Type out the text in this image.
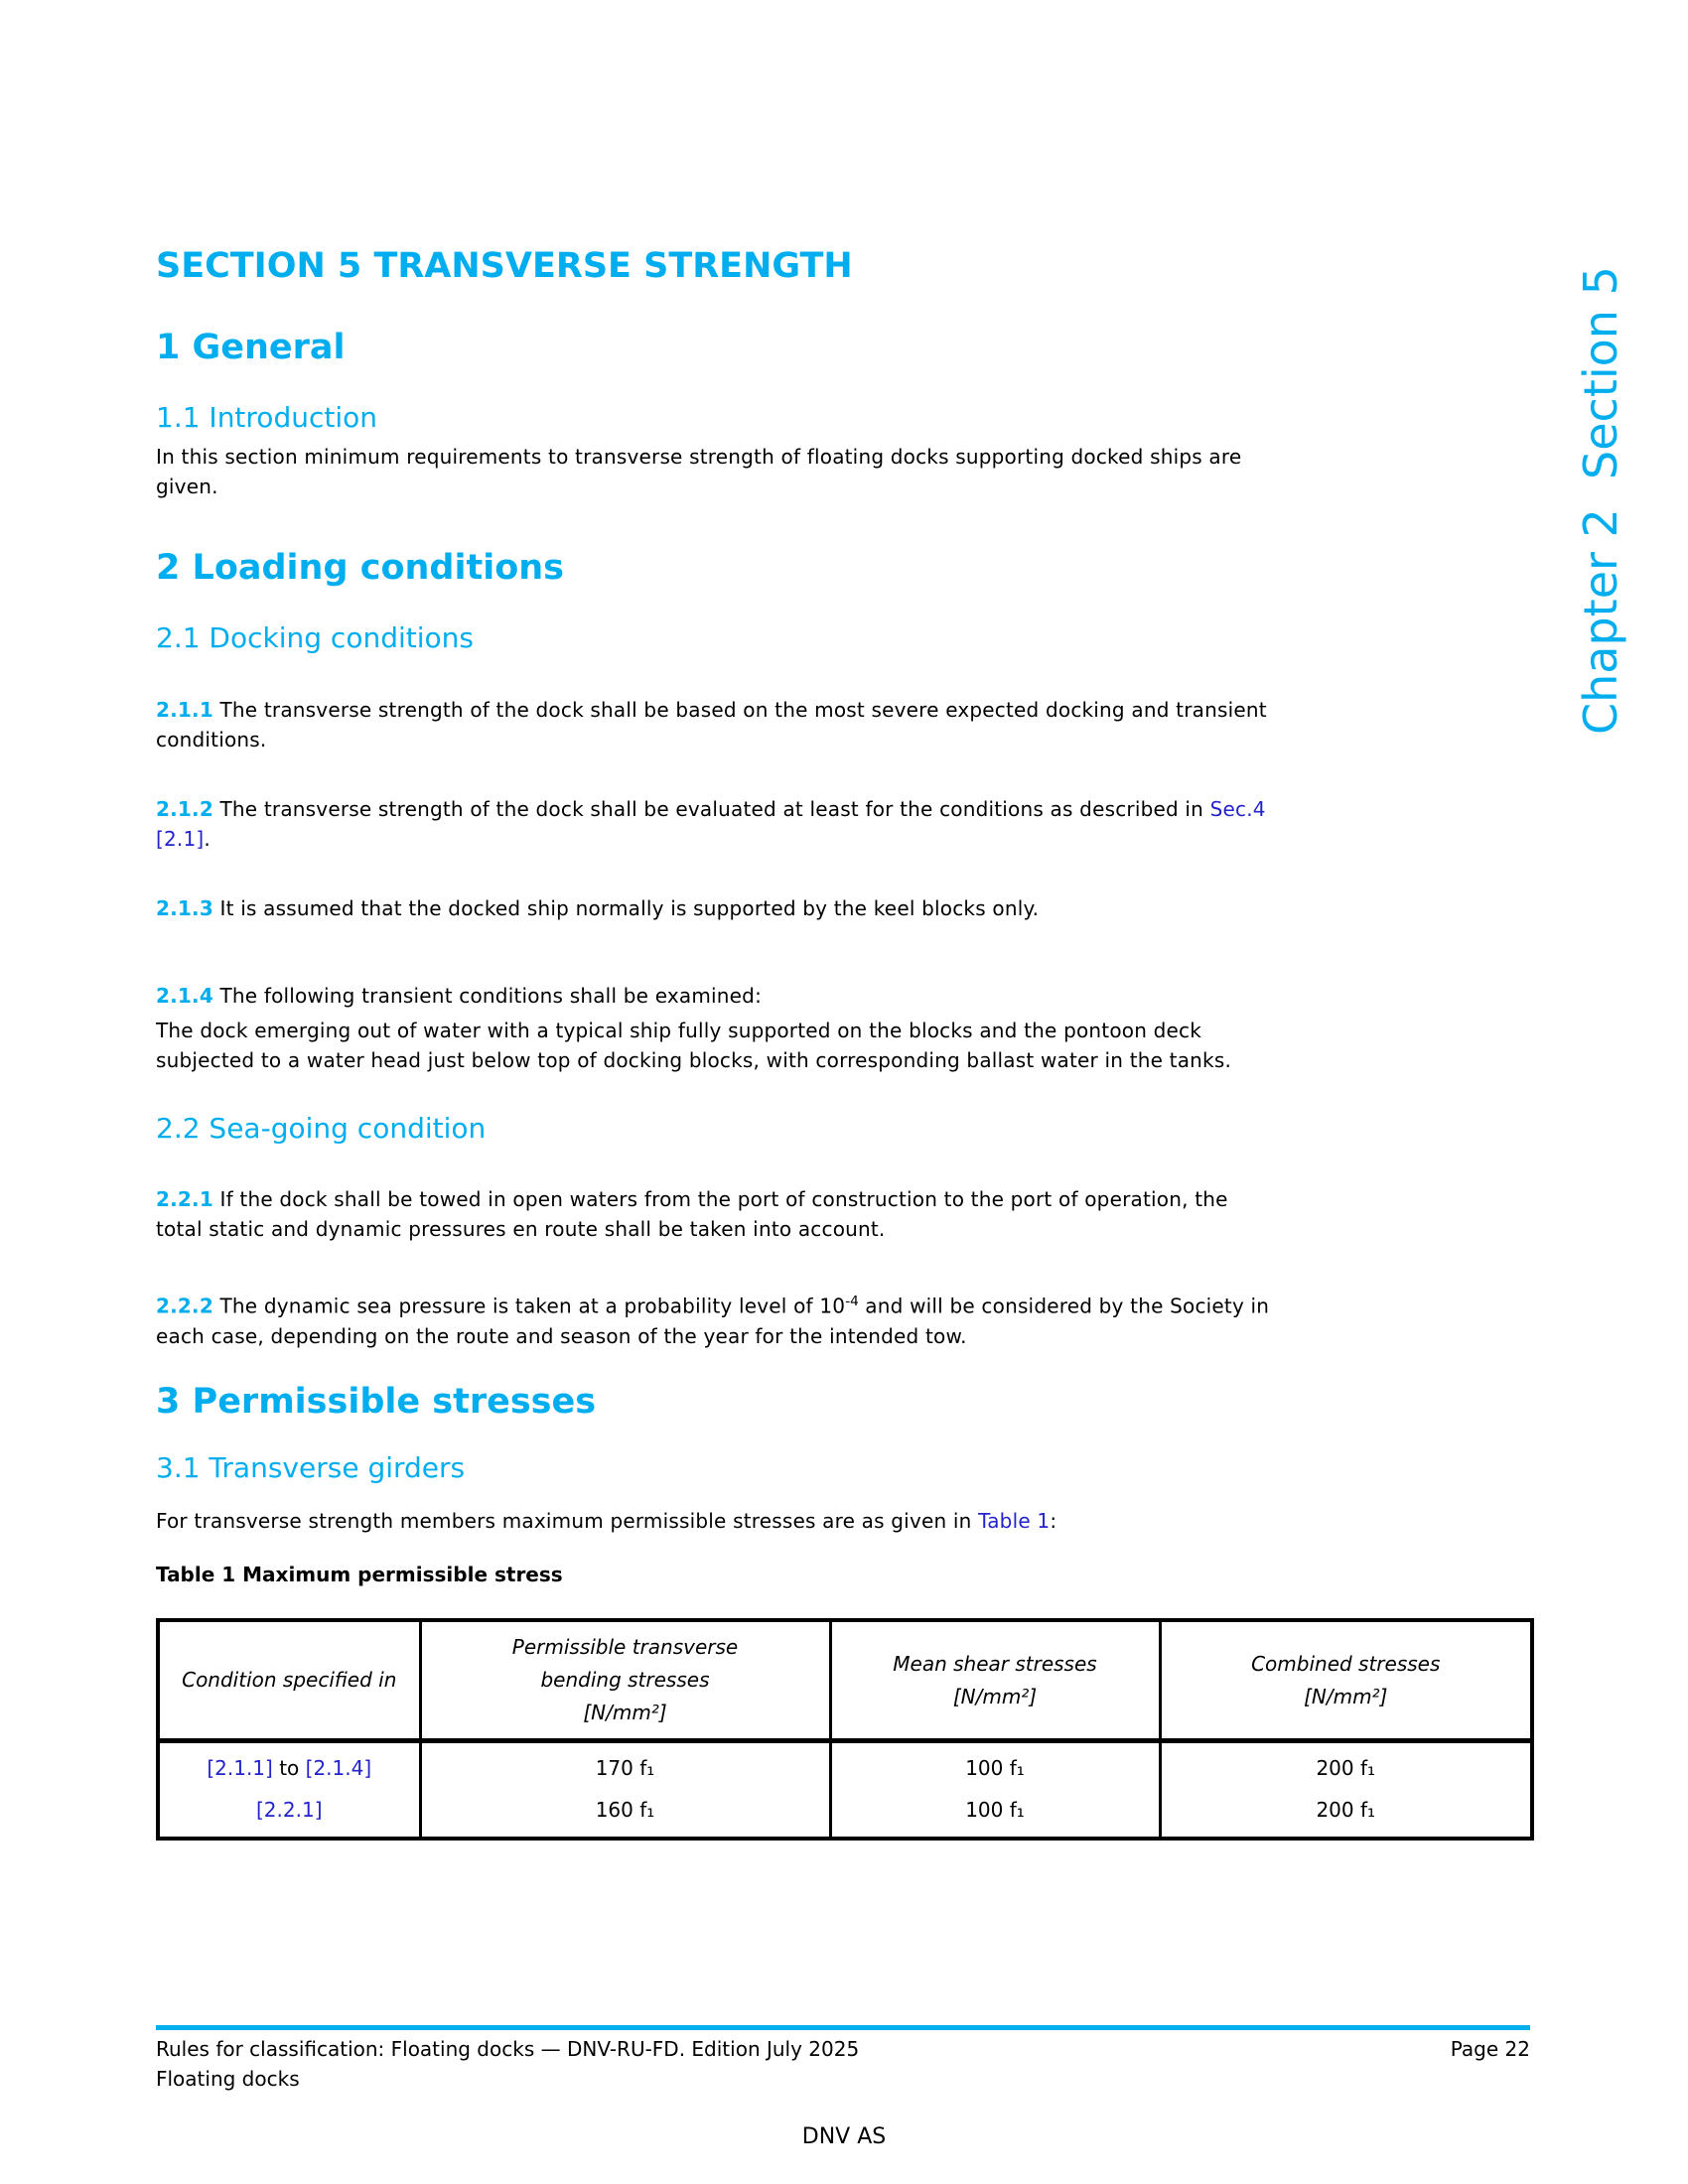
Chapter 2  Section 5
SECTION 5 TRANSVERSE STRENGTH
1 General
1.1 Introduction

In this section minimum requirements to transverse strength of floating docks supporting docked ships are
given.

2 Loading conditions
2.1 Docking conditions

2.1.1 The transverse strength of the dock shall be based on the most severe expected docking and transient
conditions.

2.1.2 The transverse strength of the dock shall be evaluated at least for the conditions as described in Sec.4
[2.1].

2.1.3 It is assumed that the docked ship normally is supported by the keel blocks only.

2.1.4 The following transient conditions shall be examined:

The dock emerging out of water with a typical ship fully supported on the blocks and the pontoon deck
subjected to a water head just below top of docking blocks, with corresponding ballast water in the tanks.

2.2 Sea-going condition

2.2.1 If the dock shall be towed in open waters from the port of construction to the port of operation, the
total static and dynamic pressures en route shall be taken into account.

2.2.2 The dynamic sea pressure is taken at a probability level of $10^{-4}$ and will be considered by the Society in
each case, depending on the route and season of the year for the intended tow.

3 Permissible stresses
3.1 Transverse girders

For transverse strength members maximum permissible stresses are as given in Table 1:

Table 1 Maximum permissible stress

Condition specified in	Permissible transverse
bending stresses
[N/mm²]	Mean shear stresses
[N/mm²]	Combined stresses
[N/mm²]

[2.1.1] to [2.1.4]	170 f₁	100 f₁	200 f₁
[2.2.1]	160 f₁	100 f₁	200 f₁

Rules for classification: Floating docks — DNV-RU-FD. Edition July 2025	Page 22

Floating docks

DNV AS
